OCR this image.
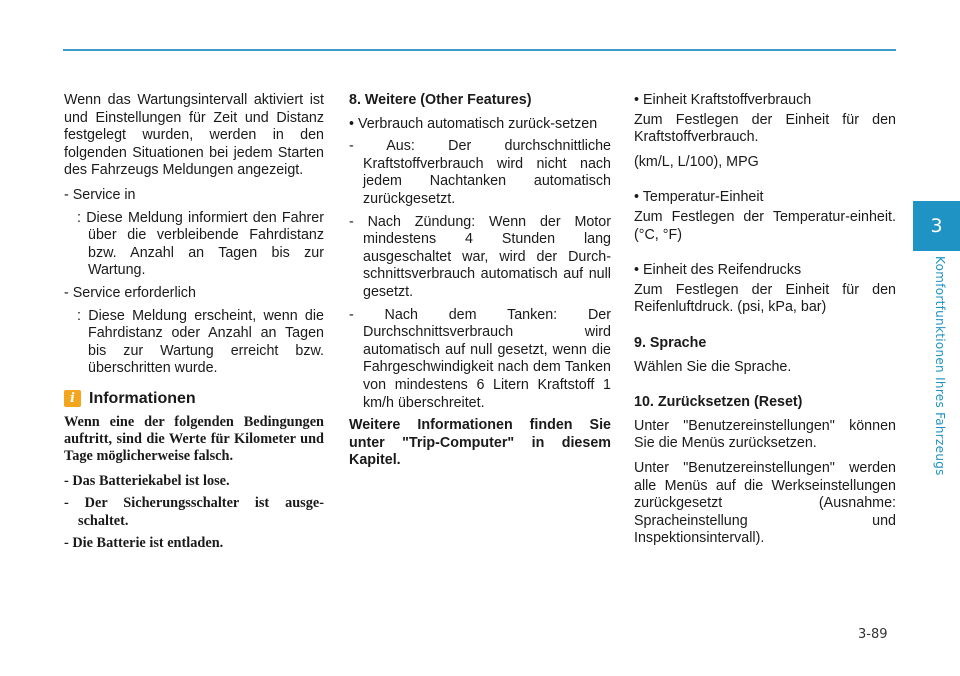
3
Komfortfunktionen Ihres Fahrzeugs

Wenn das Wartungsintervall aktiviert ist und Einstellungen für Zeit und Distanz festgelegt wurden, werden in den folgenden Situationen bei jedem Starten des Fahrzeugs Meldungen angezeigt.

- Service in

: Diese Meldung informiert den Fahrer über die verbleibende Fahrdistanz bzw. Anzahl an Tagen bis zur Wartung.

- Service erforderlich

: Diese Meldung erscheint, wenn die Fahrdistanz oder Anzahl an Tagen bis zur Wartung erreicht bzw. überschritten wurde.

i Informationen

Wenn eine der folgenden Bedingungen auftritt, sind die Werte für Kilometer und Tage möglicherweise falsch.

- Das Batteriekabel ist lose.

- Der Sicherungsschalter ist ausge-schaltet.

- Die Batterie ist entladen.

8. Weitere (Other Features)

• Verbrauch automatisch zurück-setzen

- Aus: Der durchschnittliche Kraftstoffverbrauch wird nicht nach jedem Nachtanken automatisch zurückgesetzt.

- Nach Zündung: Wenn der Motor mindestens 4 Stunden lang ausgeschaltet war, wird der Durch-schnittsverbrauch automatisch auf null gesetzt.

- Nach dem Tanken: Der Durchschnittsverbrauch wird automatisch auf null gesetzt, wenn die Fahrgeschwindigkeit nach dem Tanken von mindestens 6 Litern Kraftstoff 1 km/h überschreitet.

Weitere Informationen finden Sie unter "Trip-Computer" in diesem Kapitel.

• Einheit Kraftstoffverbrauch

Zum Festlegen der Einheit für den Kraftstoffverbrauch.

(km/L, L/100), MPG

• Temperatur-Einheit

Zum Festlegen der Temperatur-einheit. (°C, °F)

• Einheit des Reifendrucks

Zum Festlegen der Einheit für den Reifenluftdruck. (psi, kPa, bar)

9. Sprache

Wählen Sie die Sprache.

10. Zurücksetzen (Reset)

Unter "Benutzereinstellungen" können Sie die Menüs zurücksetzen.

Unter "Benutzereinstellungen" werden alle Menüs auf die Werkseinstellungen zurückgesetzt (Ausnahme: Spracheinstellung und Inspektionsintervall).

3-89
